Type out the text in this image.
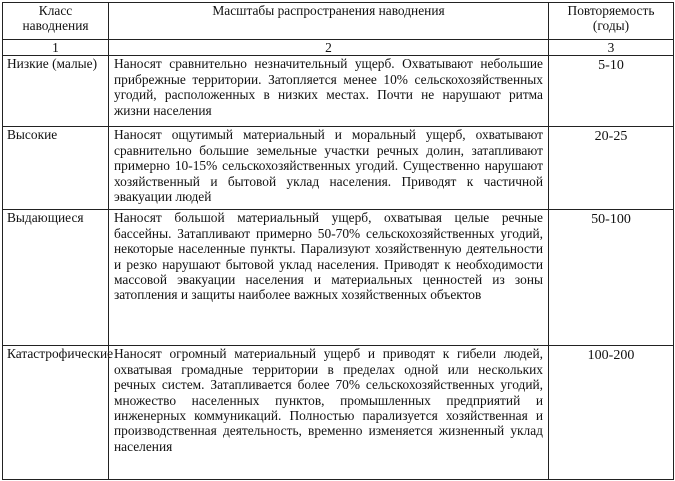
Класс наводнения	Масштабы распространения наводнения	Повторяемость (годы)
1	2	3
Низкие (малые)	Наносят сравнительно незначительный ущерб. Охватывают небольшие прибрежные территории. Затопляется менее 10% сельскохозяйственных угодий, расположенных в низких местах. Почти не нарушают ритма жизни населения	5-10
Высокие	Наносят ощутимый материальный и моральный ущерб, охватывают сравнительно большие земельные участки речных долин, затапливают примерно 10-15% сельскохозяйственных угодий. Существенно нарушают хозяйственный и бытовой уклад населения. Приводят к частичной эвакуации людей	20-25
Выдающиеся	Наносят большой материальный ущерб, охватывая целые речные бассейны. Затапливают примерно 50-70% сельскохозяйственных угодий, некоторые населенные пункты. Парализуют хозяйственную деятельности и резко нарушают бытовой уклад населения. Приводят к необходимости массовой эвакуации населения и материальных ценностей из зоны затопления и защиты наиболее важных хозяйственных объектов	50-100
Катастрофические	Наносят огромный материальный ущерб и приводят к гибели людей, охватывая громадные территории в пределах одной или нескольких речных систем. Затапливается более 70% сельскохозяйственных угодий, множество населенных пунктов, промышленных предприятий и инженерных коммуникаций. Полностью парализуется хозяйственная и производственная деятельность, временно изменяется жизненный уклад населения	100-200
